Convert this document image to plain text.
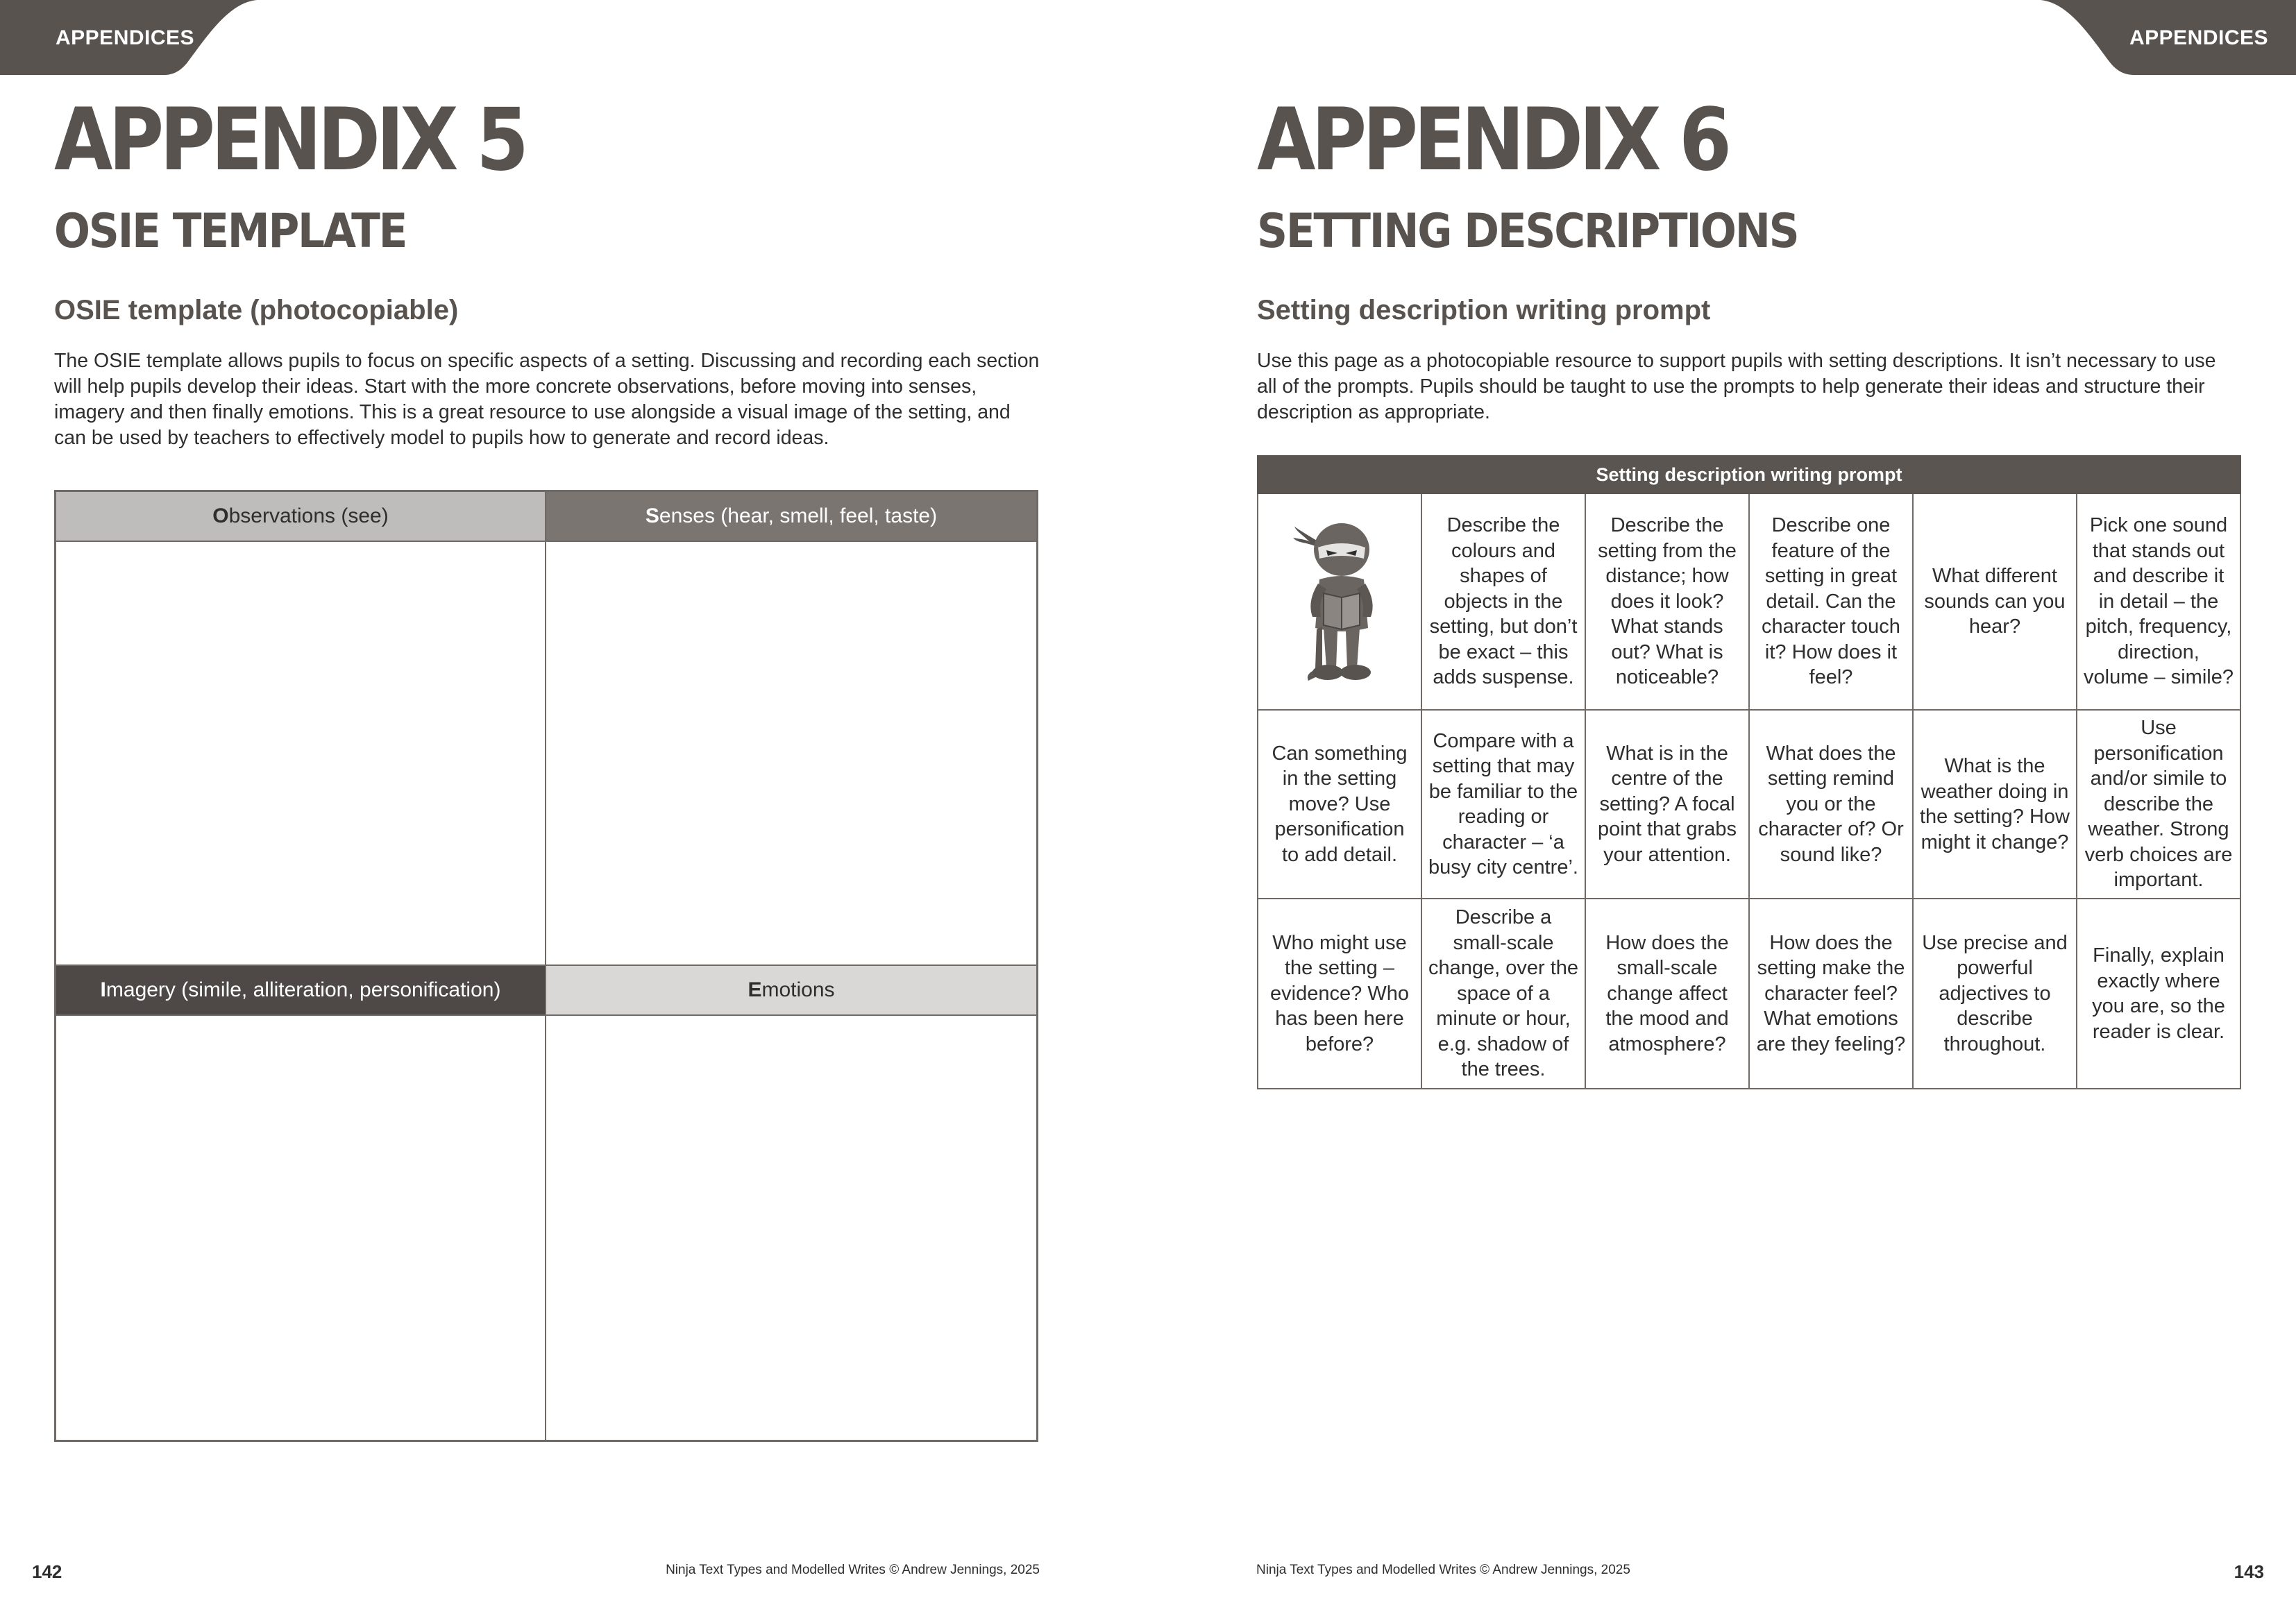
APPENDICES
APPENDIX 5
OSIE TEMPLATE
OSIE template (photocopiable)

The OSIE template allows pupils to focus on specific aspects of a setting. Discussing and recording each section will help pupils develop their ideas. Start with the more concrete observations, before moving into senses, imagery and then finally emotions. This is a great resource to use alongside a visual image of the setting, and can be used by teachers to effectively model to pupils how to generate and record ideas.

O bservations (see)	S enses (hear, smell, feel, taste)
I magery (simile, alliteration, personification)	E motions
142	Ninja Text Types and Modelled Writes © Andrew Jennings, 2025
APPENDICES
APPENDIX 6
SETTING DESCRIPTIONS
Setting description writing prompt

Use this page as a photocopiable resource to support pupils with setting descriptions. It isn’t necessary to use all of the prompts. Pupils should be taught to use the prompts to help generate their ideas and structure their description as appropriate.

Setting description writing prompt					
	Describe the colours and shapes of objects in the setting, but don’t be exact – this adds suspense.	Describe the setting from the distance; how does it look? What stands out? What is noticeable?	Describe one feature of the setting in great detail. Can the character touch it? How does it feel?	What different sounds can you hear?	Pick one sound that stands out and describe it in detail – the pitch, frequency, direction, volume – simile?
Can something in the setting move? Use personification to add detail.	Compare with a setting that may be familiar to the reading or character – ‘a busy city centre’.	What is in the centre of the setting? A focal point that grabs your attention.	What does the setting remind you or the character of? Or sound like?	What is the weather doing in the setting? How might it change?	Use personification and/or simile to describe the weather. Strong verb choices are important.
Who might use the setting – evidence? Who has been here before?	Describe a small-scale change, over the space of a minute or hour, e.g. shadow of the trees.	How does the small-scale change affect the mood and atmosphere?	How does the setting make the character feel? What emotions are they feeling?	Use precise and powerful adjectives to describe throughout.	Finally, explain exactly where you are, so the reader is clear.
Ninja Text Types and Modelled Writes © Andrew Jennings, 2025	143
